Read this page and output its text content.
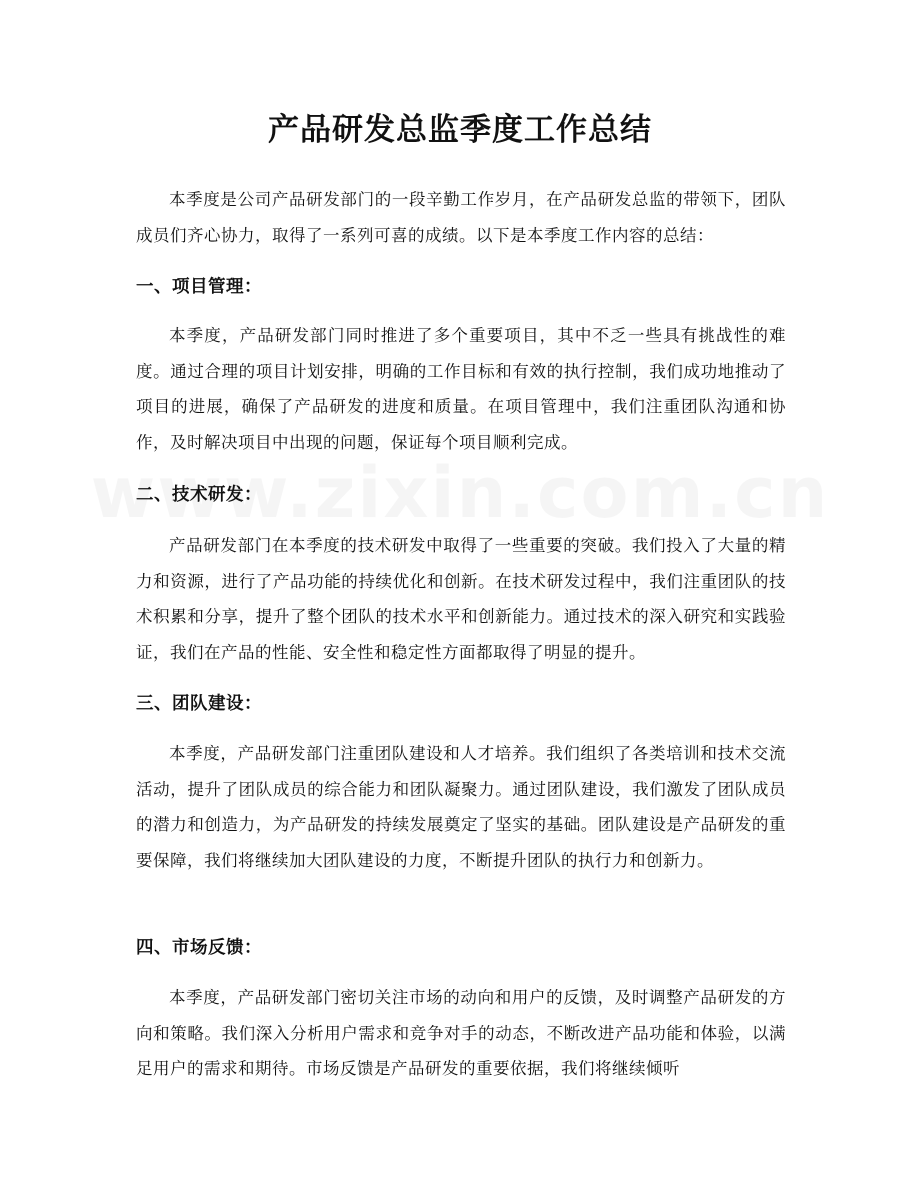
产品研发总监季度工作总结

本季度是公司产品研发部门的一段辛勤工作岁月，在产品研发总监的带领下，团队成员们齐心协力，取得了一系列可喜的成绩。以下是本季度工作内容的总结：

一、项目管理：

本季度，产品研发部门同时推进了多个重要项目，其中不乏一些具有挑战性的难度。通过合理的项目计划安排，明确的工作目标和有效的执行控制，我们成功地推动了项目的进展，确保了产品研发的进度和质量。在项目管理中，我们注重团队沟通和协作，及时解决项目中出现的问题，保证每个项目顺利完成。

二、技术研发：

产品研发部门在本季度的技术研发中取得了一些重要的突破。我们投入了大量的精力和资源，进行了产品功能的持续优化和创新。在技术研发过程中，我们注重团队的技术积累和分享，提升了整个团队的技术水平和创新能力。通过技术的深入研究和实践验证，我们在产品的性能、安全性和稳定性方面都取得了明显的提升。

三、团队建设：

本季度，产品研发部门注重团队建设和人才培养。我们组织了各类培训和技术交流活动，提升了团队成员的综合能力和团队凝聚力。通过团队建设，我们激发了团队成员的潜力和创造力，为产品研发的持续发展奠定了坚实的基础。团队建设是产品研发的重要保障，我们将继续加大团队建设的力度，不断提升团队的执行力和创新力。

四、市场反馈：

本季度，产品研发部门密切关注市场的动向和用户的反馈，及时调整产品研发的方向和策略。我们深入分析用户需求和竞争对手的动态，不断改进产品功能和体验，以满足用户的需求和期待。市场反馈是产品研发的重要依据，我们将继续倾听
